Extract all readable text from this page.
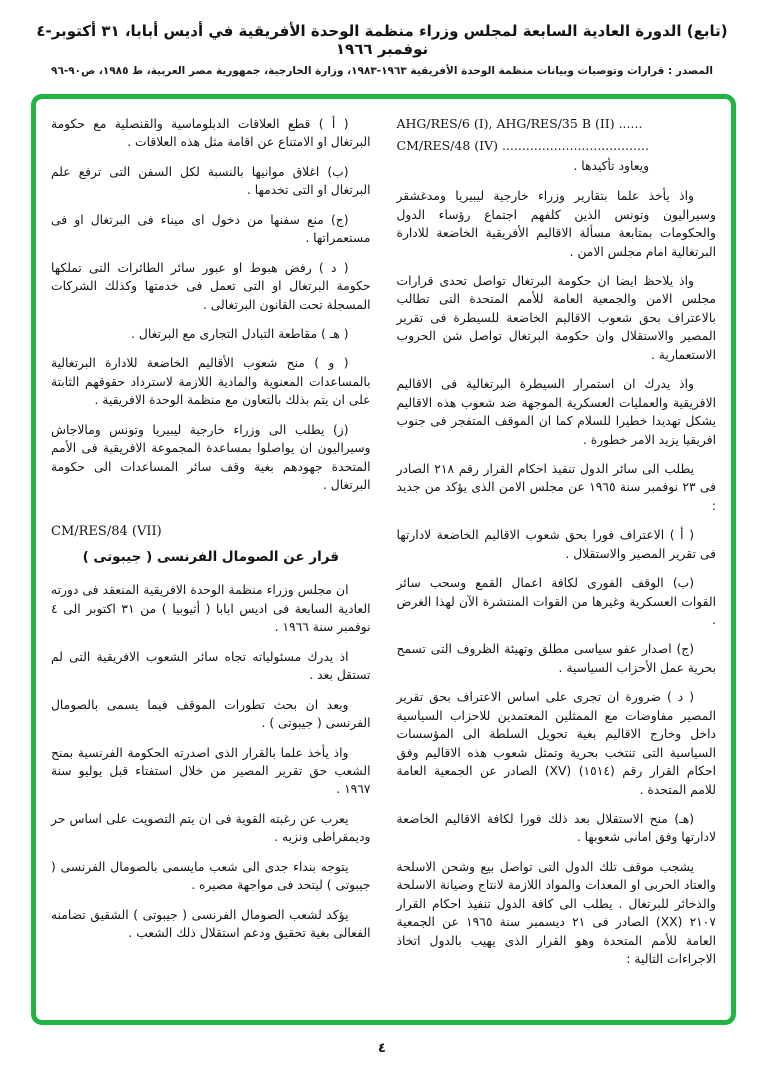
(تابع) الدورة العادية السابعة لمجلس وزراء منظمة الوحدة الأفريقية في أديس أبابا، ٣١ أكتوبر-٤ نوفمبر ١٩٦٦
المصدر : قرارات وتوصيات وبيانات منظمة الوحدة الأفريقية ١٩٦٣-١٩٨٣، وزارة الخارجية، جمهورية مصر العربية، ط ١٩٨٥، ص٩٠-٩٦
AHG/RES/6 (I), AHG/RES/35 B (II) ......
CM/RES/48 (IV) .....................................

ويعاود تأكيدها .

واذ يأخذ علما بتقارير وزراء خارجية ليبيريا ومدغشقر وسيراليون وتونس الذين كلفهم اجتماع رؤساء الدول والحكومات بمتابعة مسألة الاقاليم الأفريقية الخاضعة للادارة البرتغالية امام مجلس الامن .

واذ يلاحظ ايضا ان حكومة البرتغال تواصل تحدى قرارات مجلس الامن والجمعية العامة للأمم المتحدة التى تطالب بالاعتراف بحق شعوب الاقاليم الخاضعة للسيطرة فى تقرير المصير والاستقلال وان حكومة البرتغال تواصل شن الحروب الاستعمارية .

واذ يدرك ان استمرار السيطرة البرتغالية فى الاقاليم الافريقية والعمليات العسكرية الموجهة ضد شعوب هذه الاقاليم يشكل تهديدا خطيرا للسلام كما ان الموقف المتفجر فى جنوب افريقيا يزيد الامر خطورة .

يطلب الى سائر الدول تنفيذ احكام القرار رقم ٢١٨ الصادر فى ٢٣ نوفمبر سنة ١٩٦٥ عن مجلس الامن الذى يؤكد من جديد :

( أ ) الاعتراف فورا بحق شعوب الاقاليم الخاضعة لادارتها فى تقرير المصير والاستقلال .

(ب) الوقف الفورى لكافة اعمال القمع وسحب سائر القوات العسكرية وغيرها من القوات المنتشرة الآن لهذا الغرض .

(ج) اصدار عفو سياسى مطلق وتهيئة الظروف التى تسمح بحرية عمل الأحزاب السياسية .

( د ) ضرورة ان تجرى على اساس الاعتراف بحق تقرير المصير مفاوضات مع الممثلين المعتمدين للاحزاب السياسية داخل وخارج الاقاليم بغية تحويل السلطة الى المؤسسات السياسية التى تنتخب بحرية وتمثل شعوب هذه الاقاليم وفق احكام القرار رقم (١٥١٤) (XV) الصادر عن الجمعية العامة للامم المتحدة .

(هـ) منح الاستقلال بعد ذلك فورا لكافة الاقاليم الخاضعة لادارتها وفق امانى شعوبها .

يشجب موقف تلك الدول التى تواصل بيع وشحن الاسلحة والعتاد الحربى او المعدات والمواد اللازمة لانتاج وصيانة الاسلحة والذخائر للبرتغال . يطلب الى كافة الدول تنفيذ احكام القرار ٢١٠٧ (XX) الصادر فى ٢١ ديسمبر سنة ١٩٦٥ عن الجمعية العامة للأمم المتحدة وهو القرار الذى يهيب بالدول اتخاذ الاجراءات التالية :

( أ ) قطع العلاقات الدبلوماسية والقنصلية مع حكومة البرتغال او الامتناع عن اقامة مثل هذه العلاقات .

(ب) اغلاق موانيها بالنسبة لكل السفن التى ترفع علم البرتغال او التى تخدمها .

(ج) منع سفنها من دخول اى ميناء فى البرتغال او فى مستعمراتها .

( د ) رفض هبوط او عبور سائر الطائرات التى تملكها حكومة البرتغال او التى تعمل فى خدمتها وكذلك الشركات المسجلة تحت القانون البرتغالى .

( هـ ) مقاطعة التبادل التجارى مع البرتغال .

( و ) منح شعوب الأقاليم الخاضعة للادارة البرتغالية بالمساعدات المعنوية والمادية اللازمة لاسترداد حقوقهم الثابتة على ان يتم بذلك بالتعاون مع منظمة الوحدة الافريقية .

(ز) يطلب الى وزراء خارجية ليبيريا وتونس ومالاجاش وسيراليون ان يواصلوا بمساعدة المجموعة الافريقية فى الأمم المتحدة جهودهم بغية وقف سائر المساعدات الى حكومة البرتغال .

CM/RES/84 (VII)
قرار عن الصومال الفرنسى ( جيبوتى )

ان مجلس وزراء منظمة الوحدة الافريقية المنعقد فى دورته العادية السابعة فى اديس ابابا ( أثيوبيا ) من ٣١ اكتوبر الى ٤ نوفمبر سنة ١٩٦٦ .

اذ يدرك مسئولياته تجاه سائر الشعوب الافريقية التى لم تستقل بعد .

وبعد ان بحث تطورات الموقف فيما يسمى بالصومال الفرنسى ( جيبوتى ) .

واذ يأخذ علما بالقرار الذى اصدرته الحكومة الفرنسية بمنح الشعب حق تقرير المصير من خلال استفتاء قبل يوليو سنة ١٩٦٧ .

يعرب عن رغبته القوية فى ان يتم التصويت على اساس حر وديمقراطى ونزيه .

يتوجه بنداء جدى الى شعب مايسمى بالصومال الفرنسى ( جيبوتى ) ليتحد فى مواجهة مصيره .

يؤكد لشعب الصومال الفرنسى ( جيبوتى ) الشقيق تضامنه الفعالى بغية تحقيق ودعم استقلال ذلك الشعب .

٤
